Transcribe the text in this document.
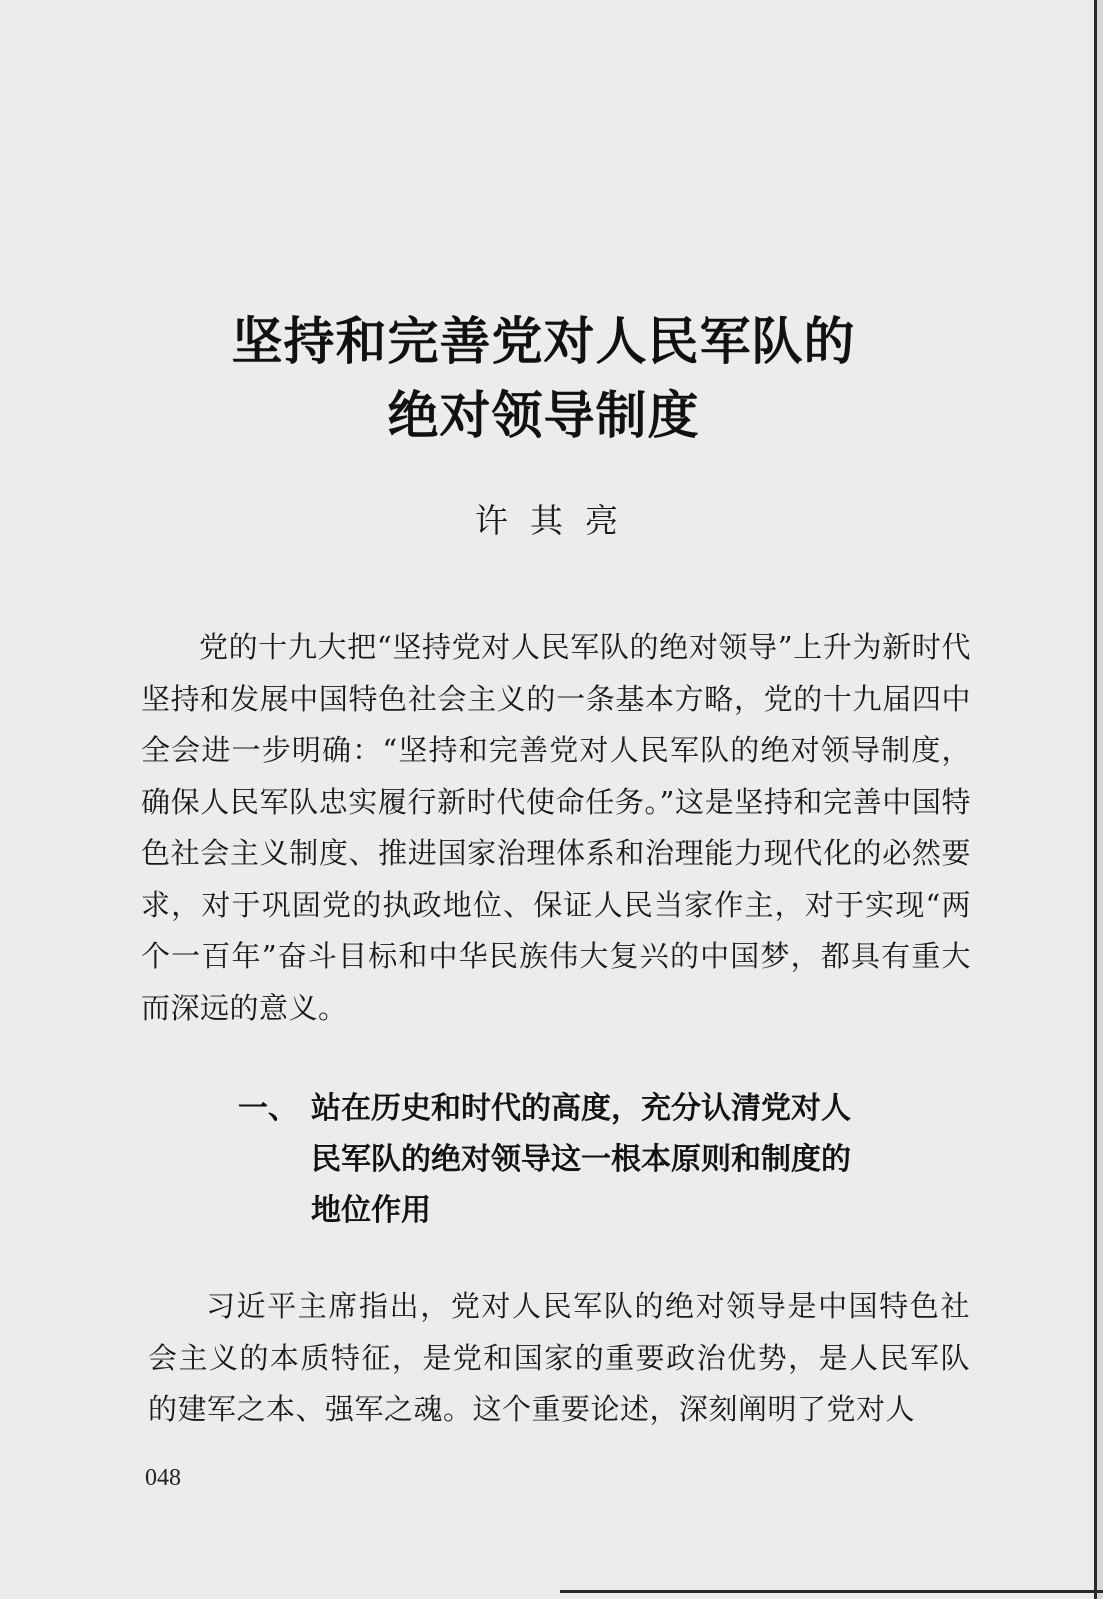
坚持和完善党对人民军队的
绝对领导制度
许其亮

党的十九大把“坚持党对人民军队的绝对领导”上升为新时代坚持和发展中国特色社会主义的一条基本方略，党的十九届四中全会进一步明确：“坚持和完善党对人民军队的绝对领导制度，确保人民军队忠实履行新时代使命任务。”这是坚持和完善中国特色社会主义制度、推进国家治理体系和治理能力现代化的必然要求，对于巩固党的执政地位、保证人民当家作主，对于实现“两个一百年”奋斗目标和中华民族伟大复兴的中国梦，都具有重大而深远的意义。

一、 站在历史和时代的高度，充分认清党对人民军队的绝对领导这一根本原则和制度的地位作用

习近平主席指出，党对人民军队的绝对领导是中国特色社会主义的本质特征，是党和国家的重要政治优势，是人民军队的建军之本、强军之魂。这个重要论述，深刻阐明了党对人

048
